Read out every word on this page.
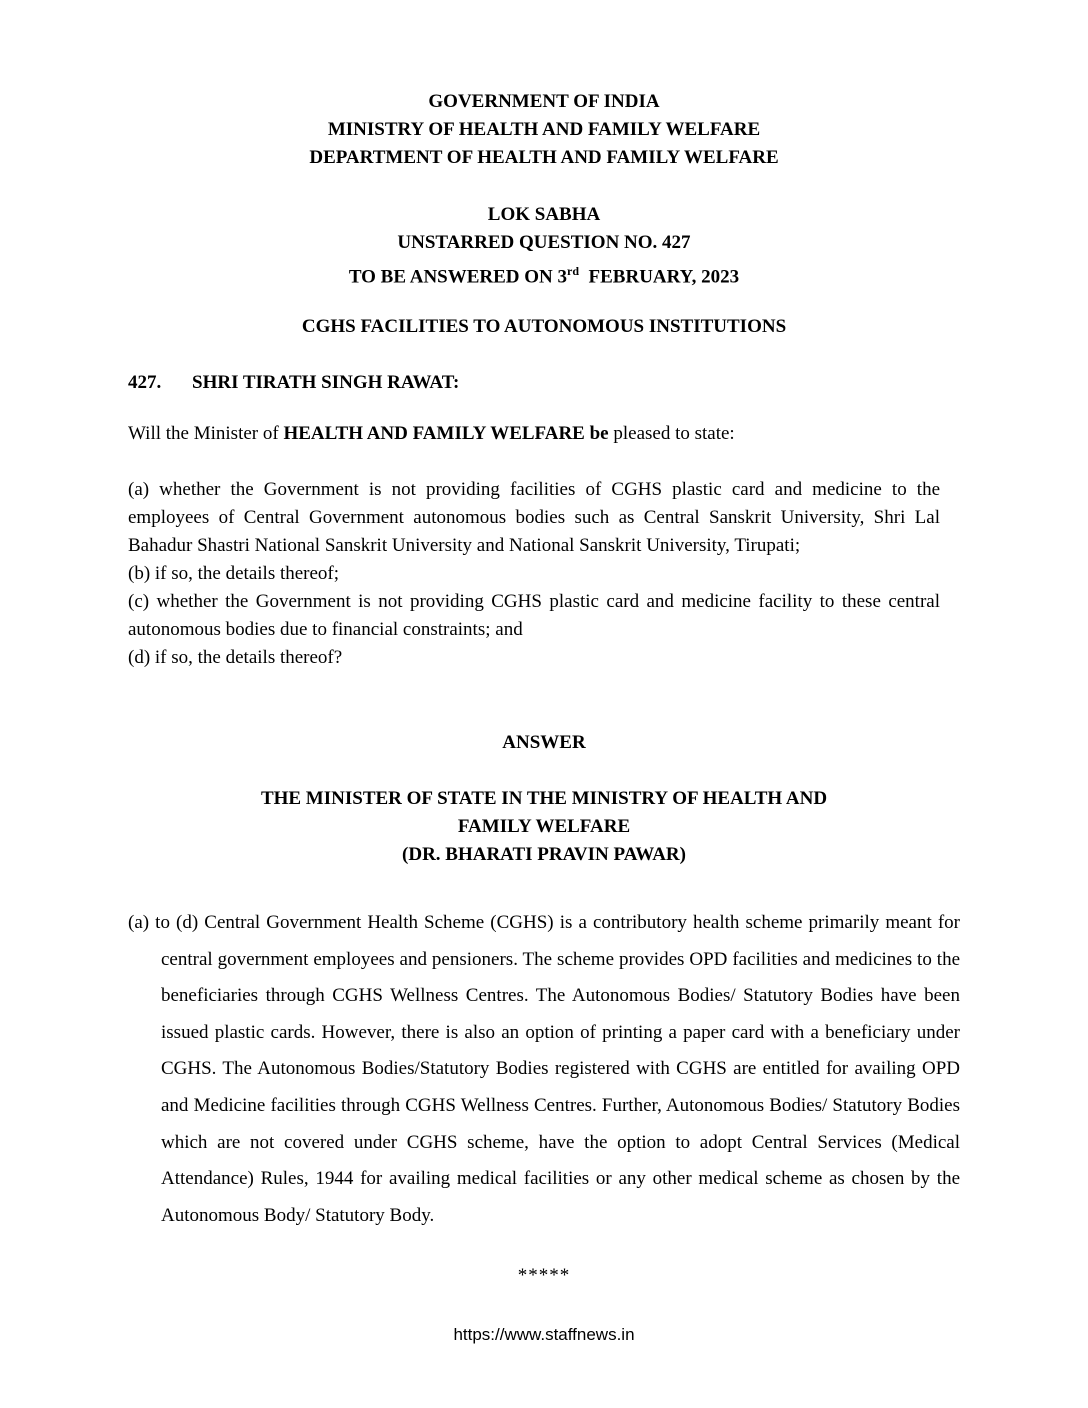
GOVERNMENT OF INDIA
MINISTRY OF HEALTH AND FAMILY WELFARE
DEPARTMENT OF HEALTH AND FAMILY WELFARE
LOK SABHA
UNSTARRED QUESTION NO. 427
TO BE ANSWERED ON 3rd  FEBRUARY, 2023
CGHS FACILITIES TO AUTONOMOUS INSTITUTIONS
427. SHRI TIRATH SINGH RAWAT:
Will the Minister of HEALTH AND FAMILY WELFARE be pleased to state:

(a) whether the Government is not providing facilities of CGHS plastic card and medicine to the employees of Central Government autonomous bodies such as Central Sanskrit University, Shri Lal Bahadur Shastri National Sanskrit University and National Sanskrit University, Tirupati;

(b) if so, the details thereof;

(c) whether the Government is not providing CGHS plastic card and medicine facility to these central autonomous bodies due to financial constraints; and

(d) if so, the details thereof?

ANSWER
THE MINISTER OF STATE IN THE MINISTRY OF HEALTH AND
FAMILY WELFARE
(DR. BHARATI PRAVIN PAWAR)

(a) to (d) Central Government Health Scheme (CGHS) is a contributory health scheme primarily meant for central government employees and pensioners. The scheme provides OPD facilities and medicines to the beneficiaries through CGHS Wellness Centres. The Autonomous Bodies/ Statutory Bodies have been issued plastic cards. However, there is also an option of printing a paper card with a beneficiary under CGHS. The Autonomous Bodies/Statutory Bodies registered with CGHS are entitled for availing OPD and Medicine facilities through CGHS Wellness Centres. Further, Autonomous Bodies/ Statutory Bodies which are not covered under CGHS scheme, have the option to adopt Central Services (Medical Attendance) Rules, 1944 for availing medical facilities or any other medical scheme as chosen by the Autonomous Body/ Statutory Body.

*****
https://www.staffnews.in
